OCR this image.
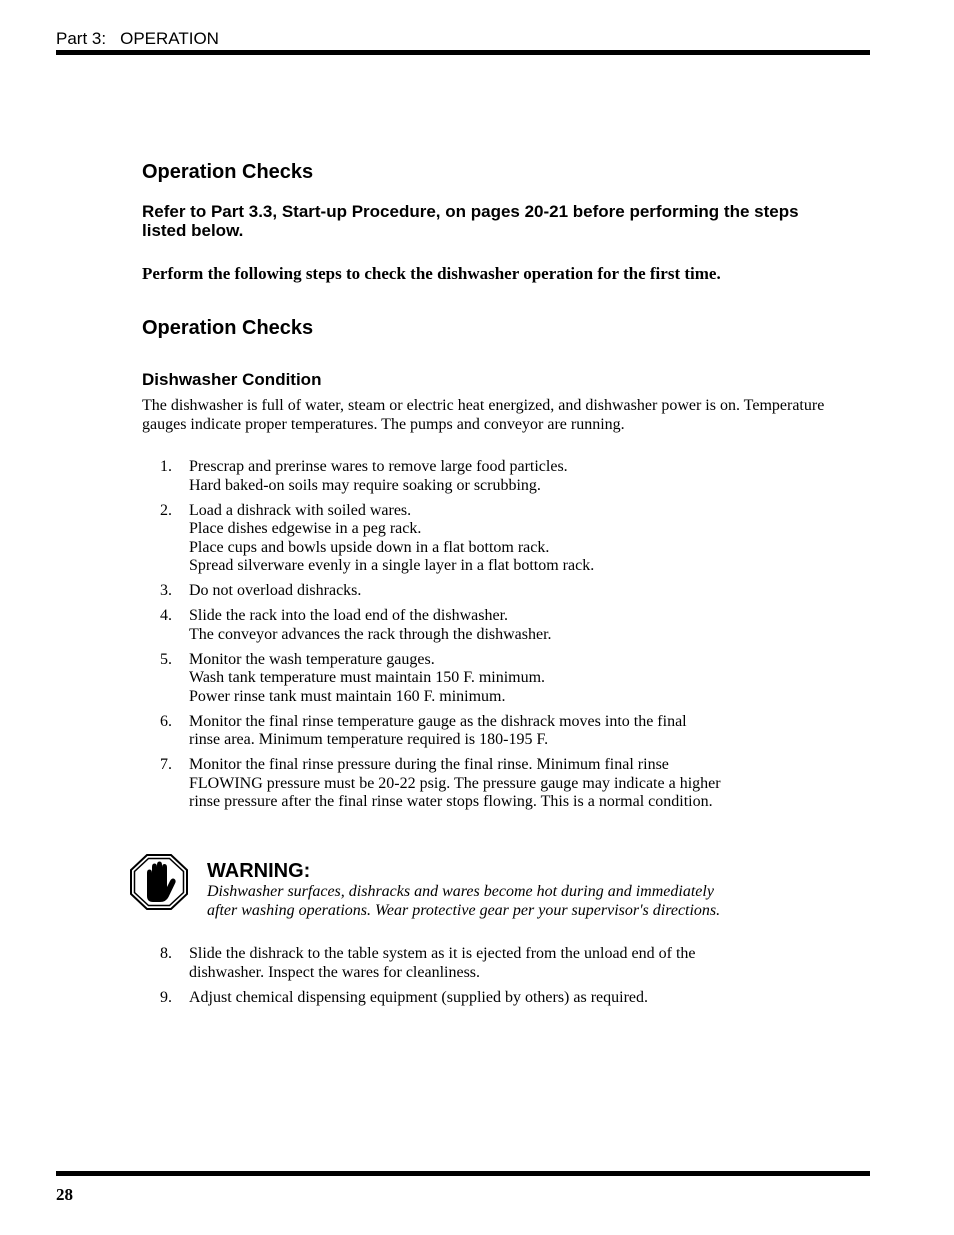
Part 3: OPERATION
Operation Checks

Refer to Part 3.3, Start-up Procedure, on pages 20-21 before performing the steps listed below.

Perform the following steps to check the dishwasher operation for the first time.

Operation Checks
Dishwasher Condition

The dishwasher is full of water, steam or electric heat energized, and dishwasher power is on. Temperature gauges indicate proper temperatures. The pumps and conveyor are running.

1.	Prescrap and prerinse wares to remove large food particles.
Hard baked-on soils may require soaking or scrubbing.
2.	Load a dishrack with soiled wares.
Place dishes edgewise in a peg rack.
Place cups and bowls upside down in a flat bottom rack.
Spread silverware evenly in a single layer in a flat bottom rack.
3.	Do not overload dishracks.
4.	Slide the rack into the load end of the dishwasher.
The conveyor advances the rack through the dishwasher.
5.	Monitor the wash temperature gauges.
Wash tank temperature must maintain 150 F. minimum.
Power rinse tank must maintain 160 F. minimum.
6.	Monitor the final rinse temperature gauge as the dishrack moves into the final
rinse area. Minimum temperature required is 180-195 F.
7.	Monitor the final rinse pressure during the final rinse. Minimum final rinse
FLOWING pressure must be 20-22 psig. The pressure gauge may indicate a higher
rinse pressure after the final rinse water stops flowing. This is a normal condition.
WARNING:

Dishwasher surfaces, dishracks and wares become hot during and immediately
after washing operations. Wear protective gear per your supervisor's directions.

8.	Slide the dishrack to the table system as it is ejected from the unload end of the
dishwasher. Inspect the wares for cleanliness.
9.	Adjust chemical dispensing equipment (supplied by others) as required.
28
